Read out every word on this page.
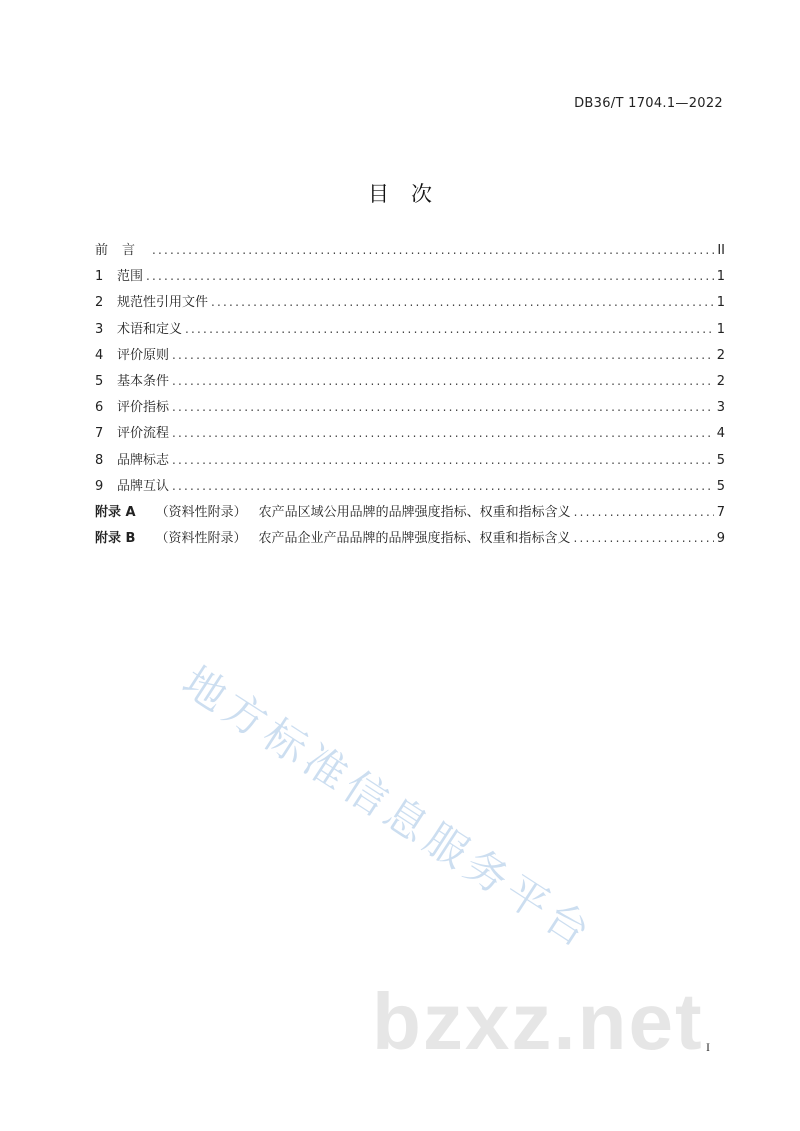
DB36/T 1704.1—2022
目次
前言 .....	II
1	范围 .....	1
2	规范性引用文件 .....	1
3	术语和定义 .....	1
4	评价原则 .....	2
5	基本条件 .....	2
6	评价指标 .....	3
7	评价流程 .....	4
8	品牌标志 .....	5
9	品牌互认 .....	5
附录 A （资料性附录） 农产品区域公用品牌的品牌强度指标、权重和指标含义 .....	7
附录 B （资料性附录） 农产品企业产品品牌的品牌强度指标、权重和指标含义 .....	9
地方标准信息服务平台
bzxz.net I
